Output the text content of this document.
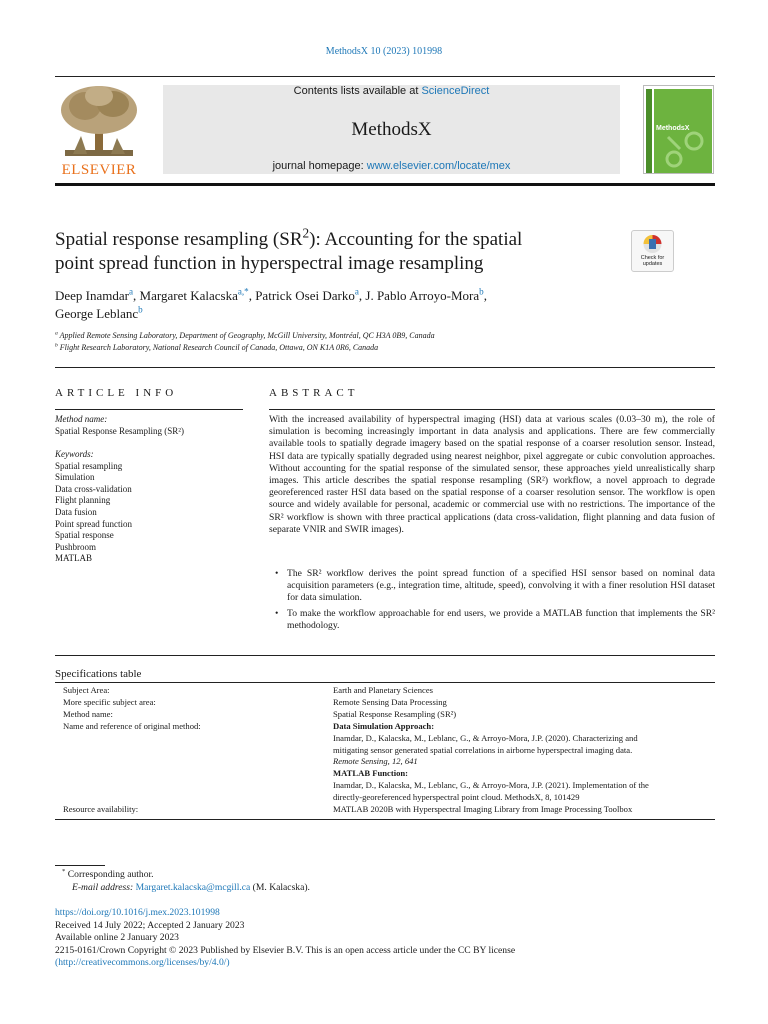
MethodsX 10 (2023) 101998
ELSEVIER
Contents lists available at ScienceDirect
MethodsX
journal homepage: www.elsevier.com/locate/mex
MethodsX
Spatial response resampling $(SR^2)$: Accounting for the spatial
point spread function in hyperspectral image resampling	Check for updates
Deep Inamdar$^a$, Margaret Kalacska$^{a,*}$, Patrick Osei Darko$^a$, J. Pablo Arroyo-Mora$^b$,
George Leblanc$^b$
$^a$ Applied Remote Sensing Laboratory, Department of Geography, McGill University, Montréal, QC H3A 0B9, Canada
$^b$ Flight Research Laboratory, National Research Council of Canada, Ottawa, ON K1A 0R6, Canada
ARTICLE INFO
Method name:
Spatial Response Resampling (SR²)
Keywords:
Spatial resampling
Simulation
Data cross-validation
Flight planning
Data fusion
Point spread function
Spatial response
Pushbroom
MATLAB
ABSTRACT
With the increased availability of hyperspectral imaging (HSI) data at various scales (0.03–30 m), the role of simulation is becoming increasingly important in data analysis and applications. There are few commercially available tools to spatially degrade imagery based on the spatial response of a coarser resolution sensor. Instead, HSI data are typically spatially degraded using nearest neighbor, pixel aggregate or cubic convolution approaches. Without accounting for the spatial response of the simulated sensor, these approaches yield unrealistically sharp images. This article describes the spatial response resampling (SR²) workflow, a novel approach to degrade georeferenced raster HSI data based on the spatial response of a coarser resolution sensor. The workflow is open source and widely available for personal, academic or commercial use with no restrictions. The importance of the SR² workflow is shown with three practical applications (data cross-validation, flight planning and data fusion of separate VNIR and SWIR images).
• The SR² workflow derives the point spread function of a specified HSI sensor based on nominal data acquisition parameters (e.g., integration time, altitude, speed), convolving it with a finer resolution HSI dataset for data simulation.
• To make the workflow approachable for end users, we provide a MATLAB function that implements the SR² methodology.
Specifications table
Subject Area:	Earth and Planetary Sciences
More specific subject area:	Remote Sensing Data Processing
Method name:	Spatial Response Resampling (SR²)
Name and reference of original method:	Data Simulation Approach:
Inamdar, D., Kalacska, M., Leblanc, G., & Arroyo-Mora, J.P. (2020). Characterizing and
mitigating sensor generated spatial correlations in airborne hyperspectral imaging data.
Remote Sensing, 12, 641
MATLAB Function:
Inamdar, D., Kalacska, M., Leblanc, G., & Arroyo-Mora, J.P. (2021). Implementation of the
directly-georeferenced hyperspectral point cloud. MethodsX, 8, 101429
Resource availability:	MATLAB 2020B with Hyperspectral Imaging Library from Image Processing Toolbox
* Corresponding author.
E-mail address: Margaret.kalacska@mcgill.ca (M. Kalacska).
https://doi.org/10.1016/j.mex.2023.101998
Received 14 July 2022; Accepted 2 January 2023
Available online 2 January 2023
2215-0161/Crown Copyright © 2023 Published by Elsevier B.V. This is an open access article under the CC BY license
(http://creativecommons.org/licenses/by/4.0/)
